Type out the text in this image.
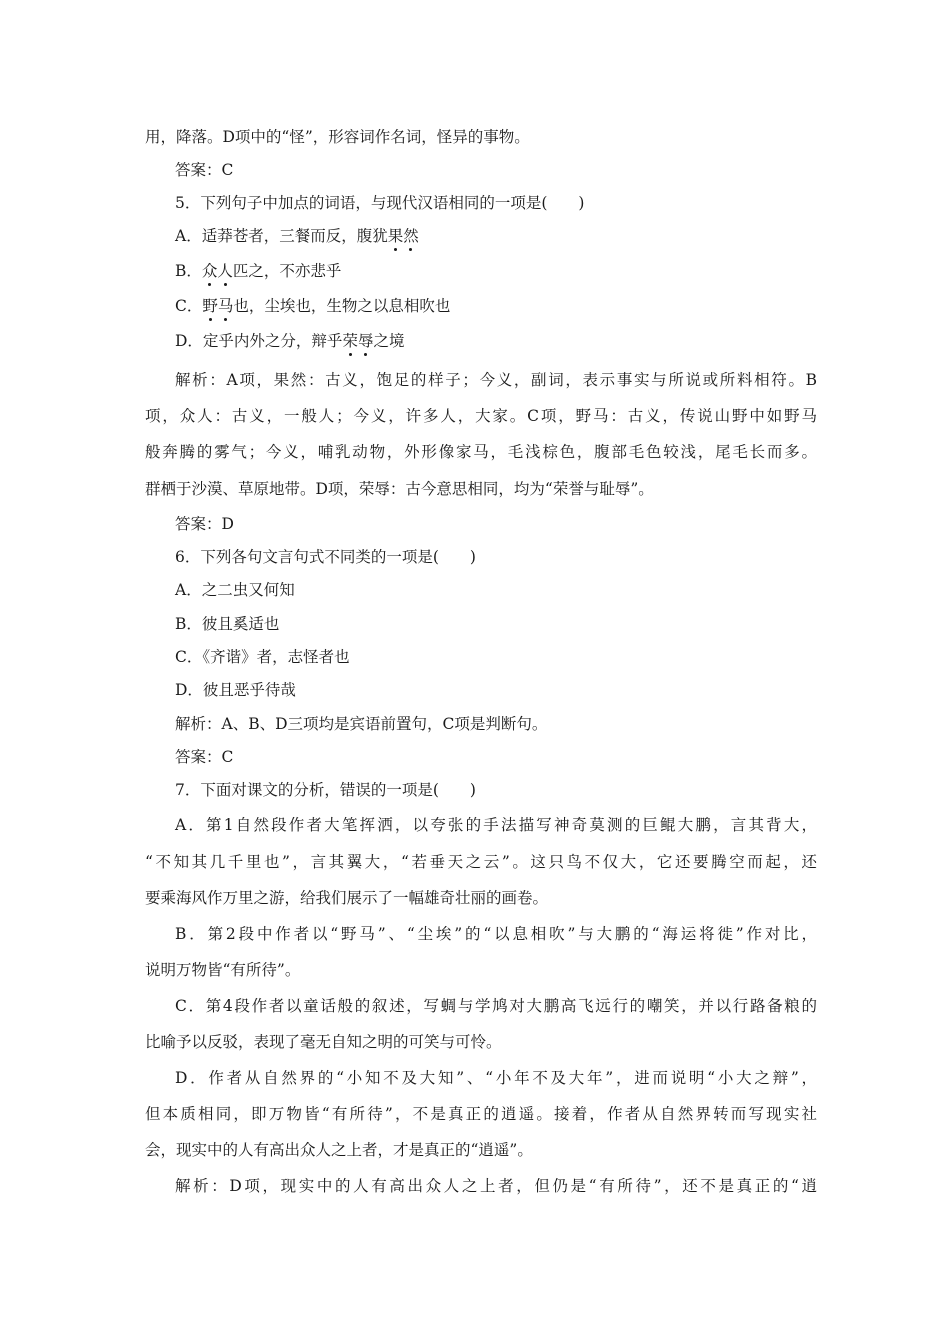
用，降落。D项中的“怪”，形容词作名词，怪异的事物。
答案：C
5．下列句子中加点的词语，与现代汉语相同的一项是(　　)
A．适莽苍者，三餐而反，腹犹果然
B．众人匹之，不亦悲乎
C．野马也，尘埃也，生物之以息相吹也
D．定乎内外之分，辩乎荣辱之境
解析：A项，果然：古义，饱足的样子；今义，副词，表示事实与所说或所料相符。B
项，众人：古义，一般人；今义，许多人，大家。C项，野马：古义，传说山野中如野马
般奔腾的雾气；今义，哺乳动物，外形像家马，毛浅棕色，腹部毛色较浅，尾毛长而多。
群栖于沙漠、草原地带。D项，荣辱：古今意思相同，均为“荣誉与耻辱”。
答案：D
6．下列各句文言句式不同类的一项是(　　)
A．之二虫又何知
B．彼且奚适也
C．《齐谐》者，志怪者也
D．彼且恶乎待哉
解析：A、B、D三项均是宾语前置句，C项是判断句。
答案：C
7．下面对课文的分析，错误的一项是(　　)
A．第1自然段作者大笔挥洒，以夸张的手法描写神奇莫测的巨鲲大鹏，言其背大，
“不知其几千里也”，言其翼大，“若垂天之云”。这只鸟不仅大，它还要腾空而起，还
要乘海风作万里之游，给我们展示了一幅雄奇壮丽的画卷。
B．第2段中作者以“野马”、“尘埃”的“以息相吹”与大鹏的“海运将徙”作对比，
说明万物皆“有所待”。
C．第4段作者以童话般的叙述，写蜩与学鸠对大鹏高飞远行的嘲笑，并以行路备粮的
比喻予以反驳，表现了毫无自知之明的可笑与可怜。
D．作者从自然界的“小知不及大知”、“小年不及大年”，进而说明“小大之辩”，
但本质相同，即万物皆“有所待”，不是真正的逍遥。接着，作者从自然界转而写现实社
会，现实中的人有高出众人之上者，才是真正的“逍遥”。
解析：D项，现实中的人有高出众人之上者，但仍是“有所待”，还不是真正的“逍
